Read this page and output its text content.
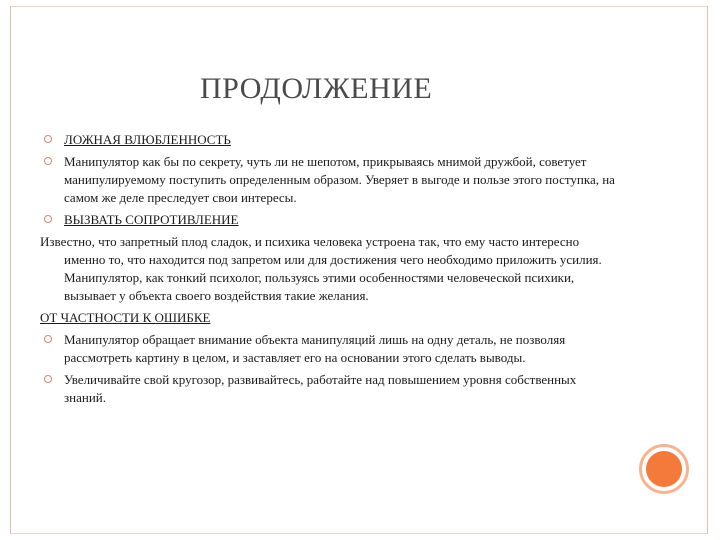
ПРОДОЛЖЕНИЕ
ЛОЖНАЯ ВЛЮБЛЕННОСТЬ
Манипулятор как бы по секрету, чуть ли не шепотом, прикрываясь мнимой дружбой, советует манипулируемому поступить определенным образом. Уверяет в выгоде и пользе этого поступка, на самом же деле преследует свои интересы.
ВЫЗВАТЬ СОПРОТИВЛЕНИЕ
Известно, что запретный плод сладок, и психика человека устроена так, что ему часто интересно именно то, что находится под запретом или для достижения чего необходимо приложить усилия. Манипулятор, как тонкий психолог, пользуясь этими особенностями человеческой психики, вызывает у объекта своего воздействия такие желания.
ОТ ЧАСТНОСТИ К ОШИБКЕ
Манипулятор обращает внимание объекта манипуляций лишь на одну деталь, не позволяя рассмотреть картину в целом, и заставляет его на основании этого сделать выводы.
Увеличивайте свой кругозор, развивайтесь, работайте над повышением уровня собственных знаний.
